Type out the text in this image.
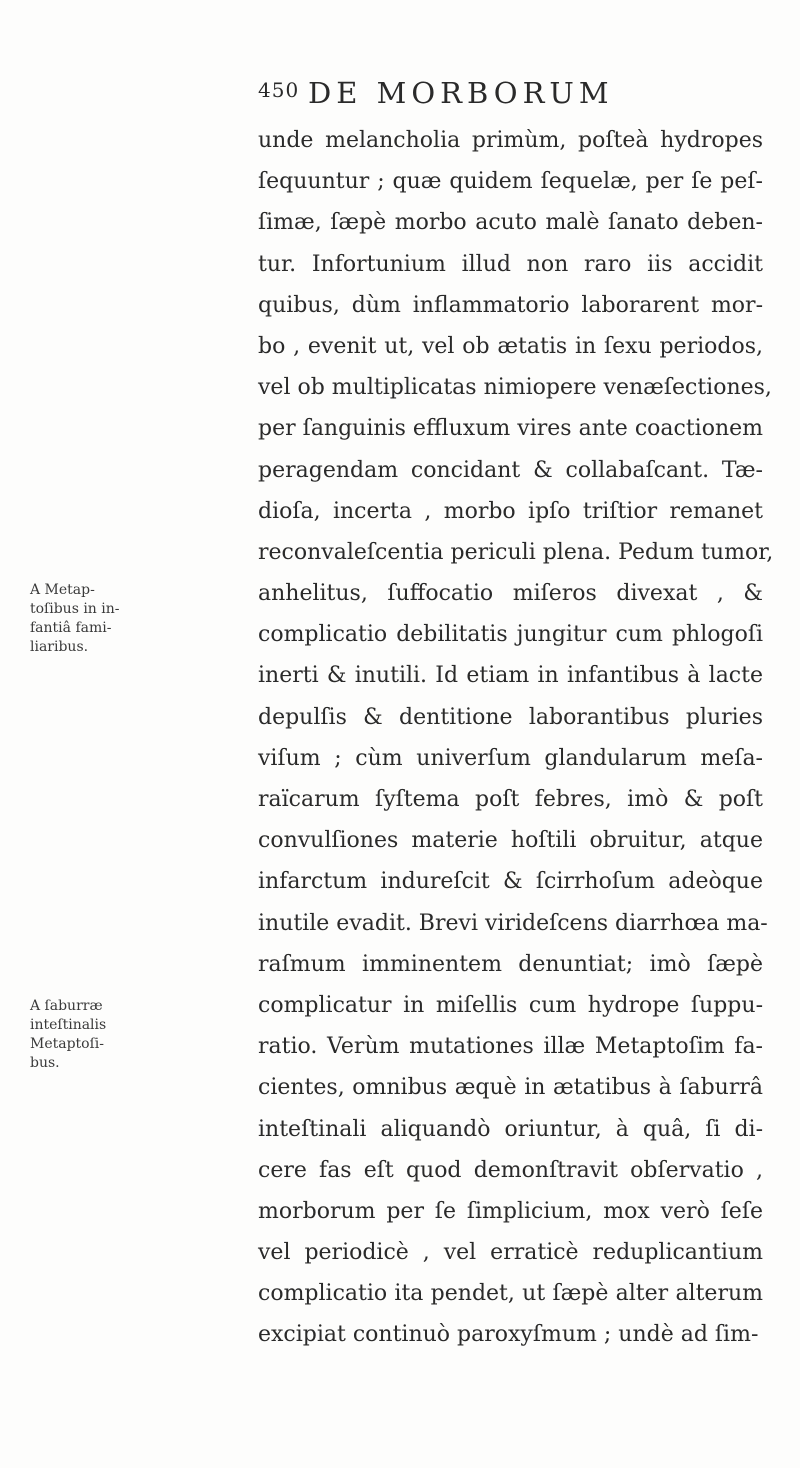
450 DE MORBORUM
unde melancholia primùm, poſteà hydropes
ſequuntur ; quæ quidem ſequelæ, per ſe peſ-
ſimæ, ſæpè morbo acuto malè ſanato deben-
tur. Infortunium illud non raro iis accidit
quibus, dùm inflammatorio laborarent mor-
bo , evenit ut, vel ob ætatis in ſexu periodos,
vel ob multiplicatas nimiopere venæſectiones,
per ſanguinis effluxum vires ante coactionem
peragendam concidant & collabaſcant. Tæ-
dioſa, incerta , morbo ipſo triſtior remanet
reconvaleſcentia periculi plena. Pedum tumor,
anhelitus, ſuffocatio miſeros divexat , &
complicatio debilitatis jungitur cum phlogoſi
inerti & inutili. Id etiam in infantibus à lacte
depulſis & dentitione laborantibus pluries
viſum ; cùm univerſum glandularum meſa-
raïcarum ſyſtema poſt febres, imò & poſt
convulſiones materie hoſtili obruitur, atque
infarctum indureſcit & ſcirrhoſum adeòque
inutile evadit. Brevi virideſcens diarrhœa ma-
raſmum imminentem denuntiat; imò ſæpè
complicatur in miſellis cum hydrope ſuppu-
ratio. Verùm mutationes illæ Metaptoſim fa-
cientes, omnibus æquè in ætatibus à ſaburrâ
inteſtinali aliquandò oriuntur, à quâ, ſi di-
cere fas eſt quod demonſtravit obſervatio ,
morborum per ſe ſimplicium, mox verò ſeſe
vel periodicè , vel erraticè reduplicantium
complicatio ita pendet, ut ſæpè alter alterum
excipiat continuò paroxyſmum ; undè ad ſim-
A Metap-
toſibus in in-
fantiâ fami-
liaribus.
A ſaburræ
inteſtinalis
Metaptoſi-
bus.
